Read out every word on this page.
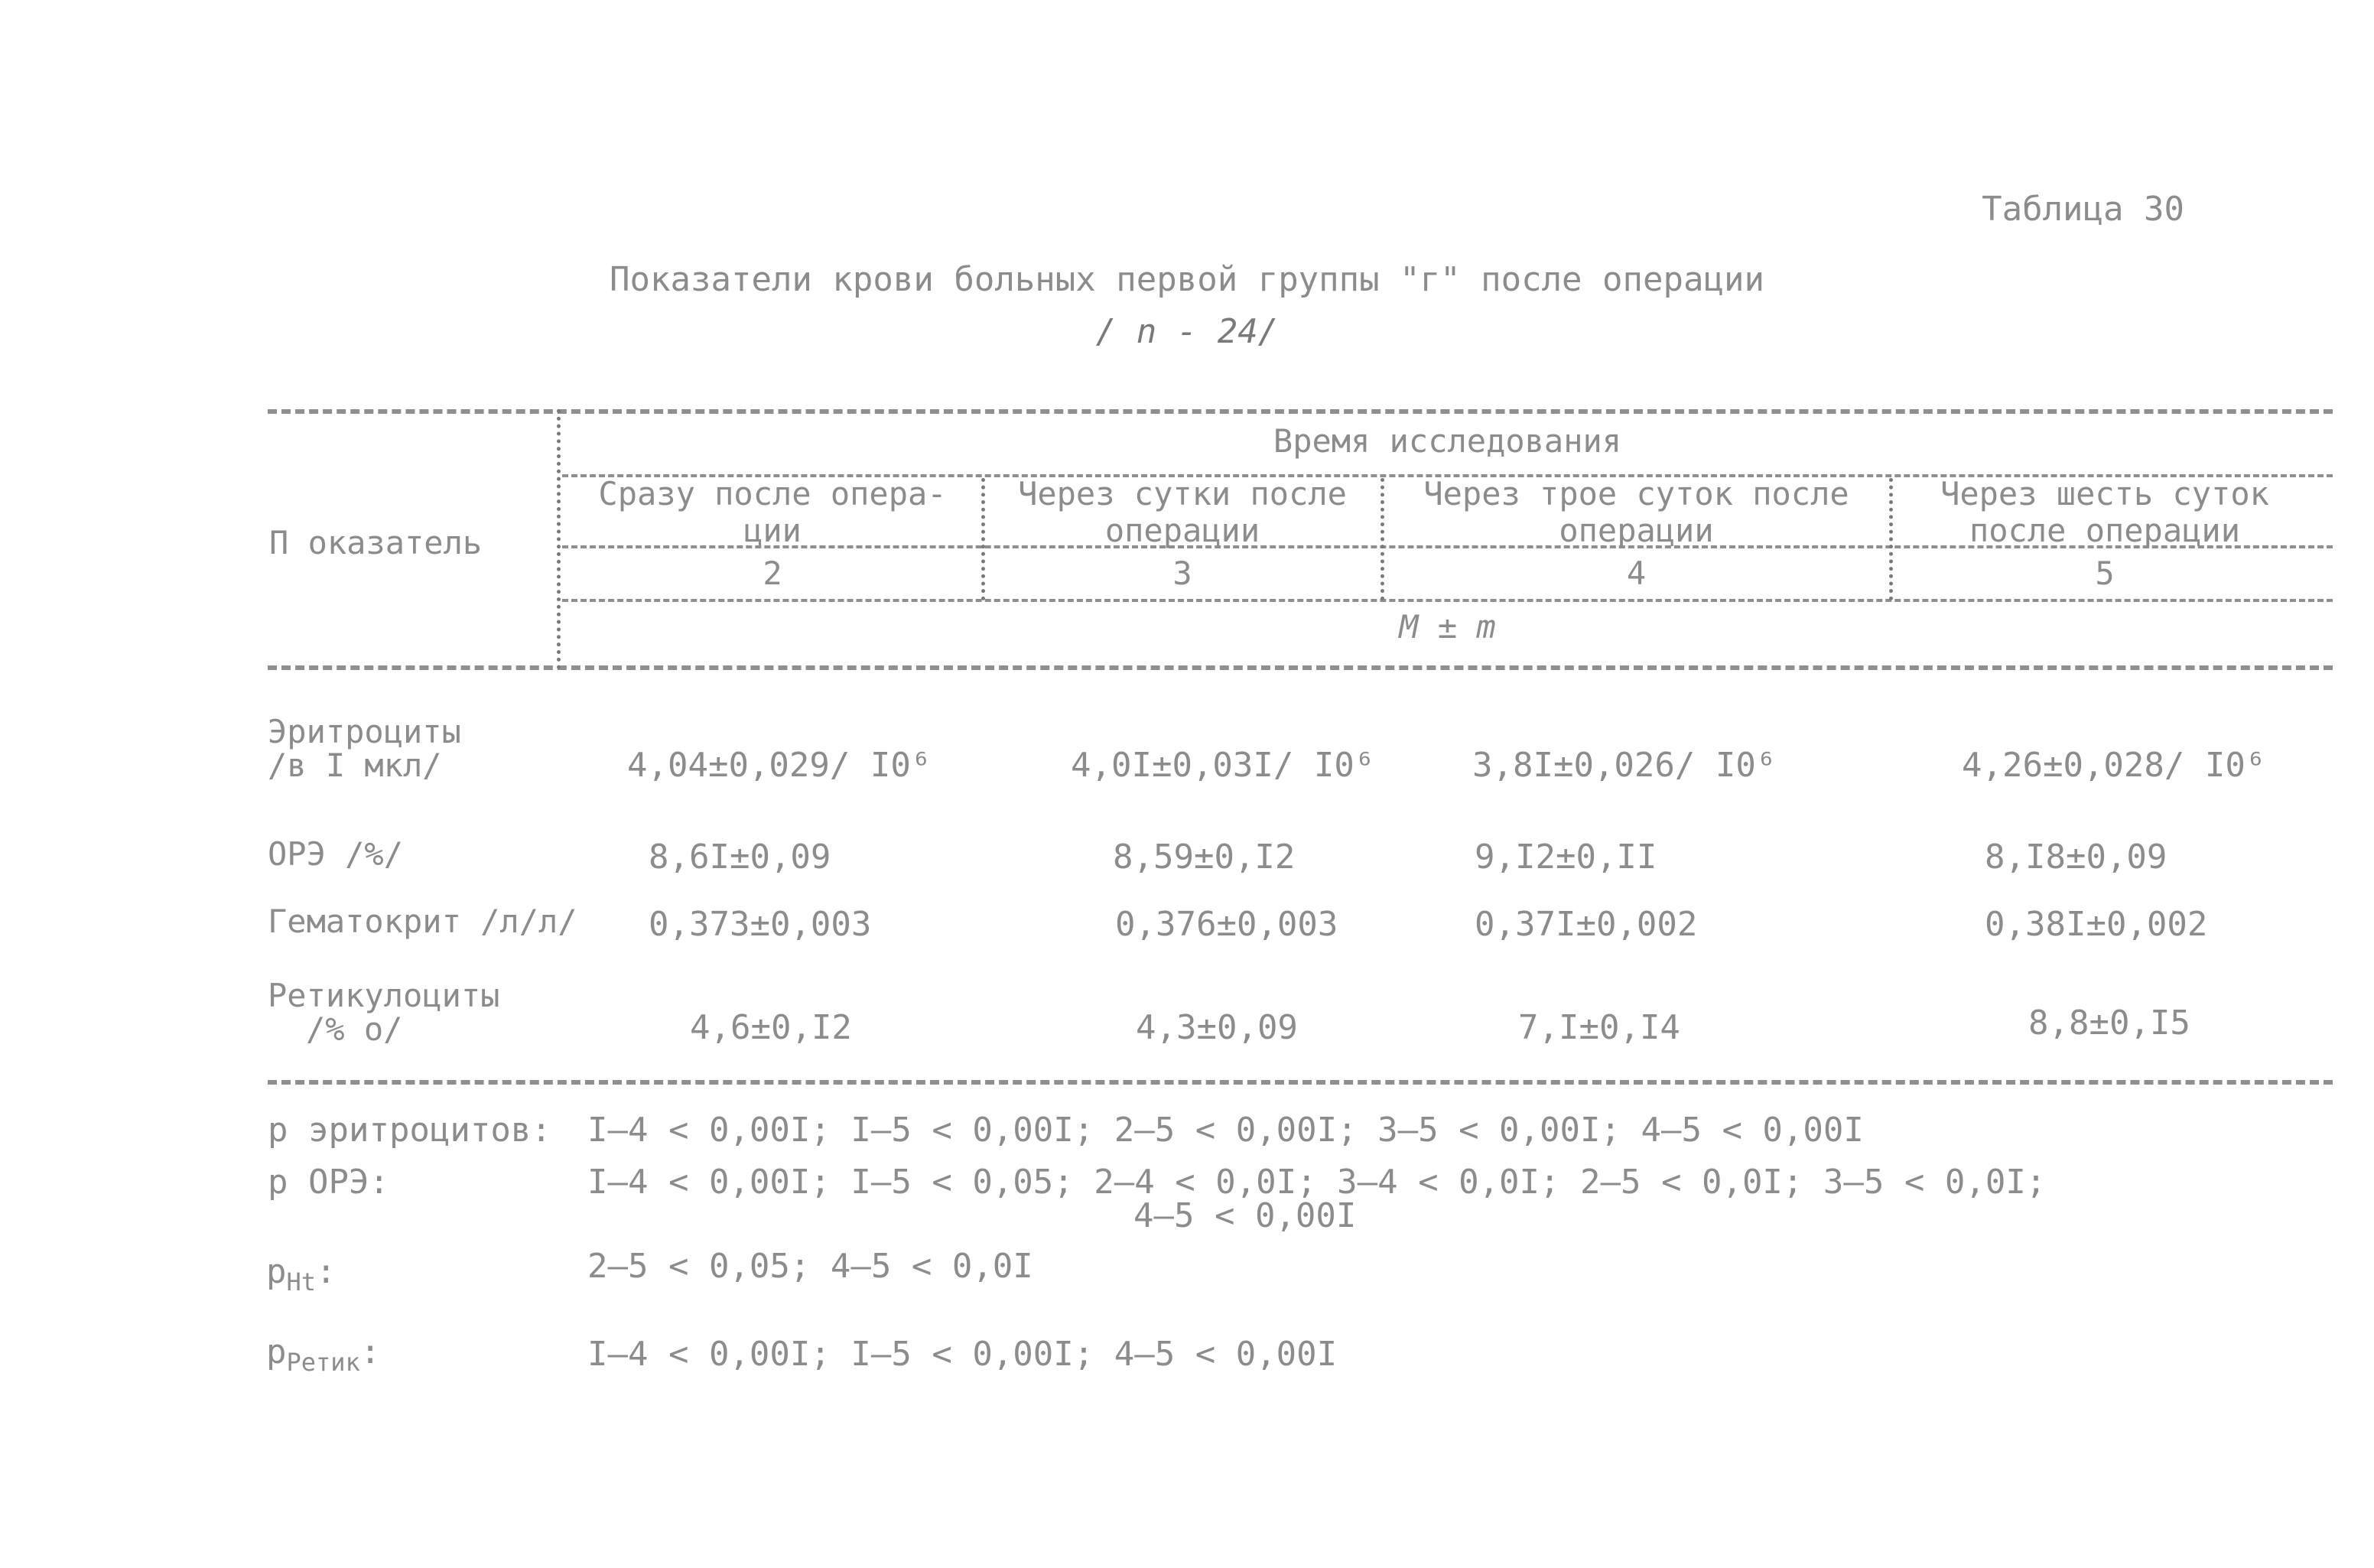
Таблица 30
Показатели крови больных первой группы "г" после операции
/ n - 24/
П оказатель
Время исследования
Сразу после опера-
ции
Через сутки после
операции
Через трое суток после
операции
Через шесть суток
после операции
2	3	4	5
M ± m
Эритроциты
/в I мкл/	4,04±0,029/ I0⁶	4,0I±0,03I/ I0⁶	3,8I±0,026/ I0⁶	4,26±0,028/ I0⁶
ОРЭ /%/	8,6I±0,09	8,59±0,I2	9,I2±0,II	8,I8±0,09
Гематокрит /л/л/ 0,373±0,003	0,376±0,003	0,37I±0,002	0,38I±0,002
Ретикулоциты
/% о/	4,6±0,I2	4,3±0,09	7,I±0,I4	8,8±0,I5
р эритроцитов: I–4 < 0,00I; I–5 < 0,00I; 2–5 < 0,00I; 3–5 < 0,00I; 4–5 < 0,00I
р ОРЭ:	I–4 < 0,00I; I–5 < 0,05; 2–4 < 0,0I; 3–4 < 0,0I; 2–5 < 0,0I; 3–5 < 0,0I;
4–5 < 0,00I
$р_{Ht}$:	2–5 < 0,05; 4–5 < 0,0I
$р_{Ретик}$:	I–4 < 0,00I; I–5 < 0,00I; 4–5 < 0,00I
